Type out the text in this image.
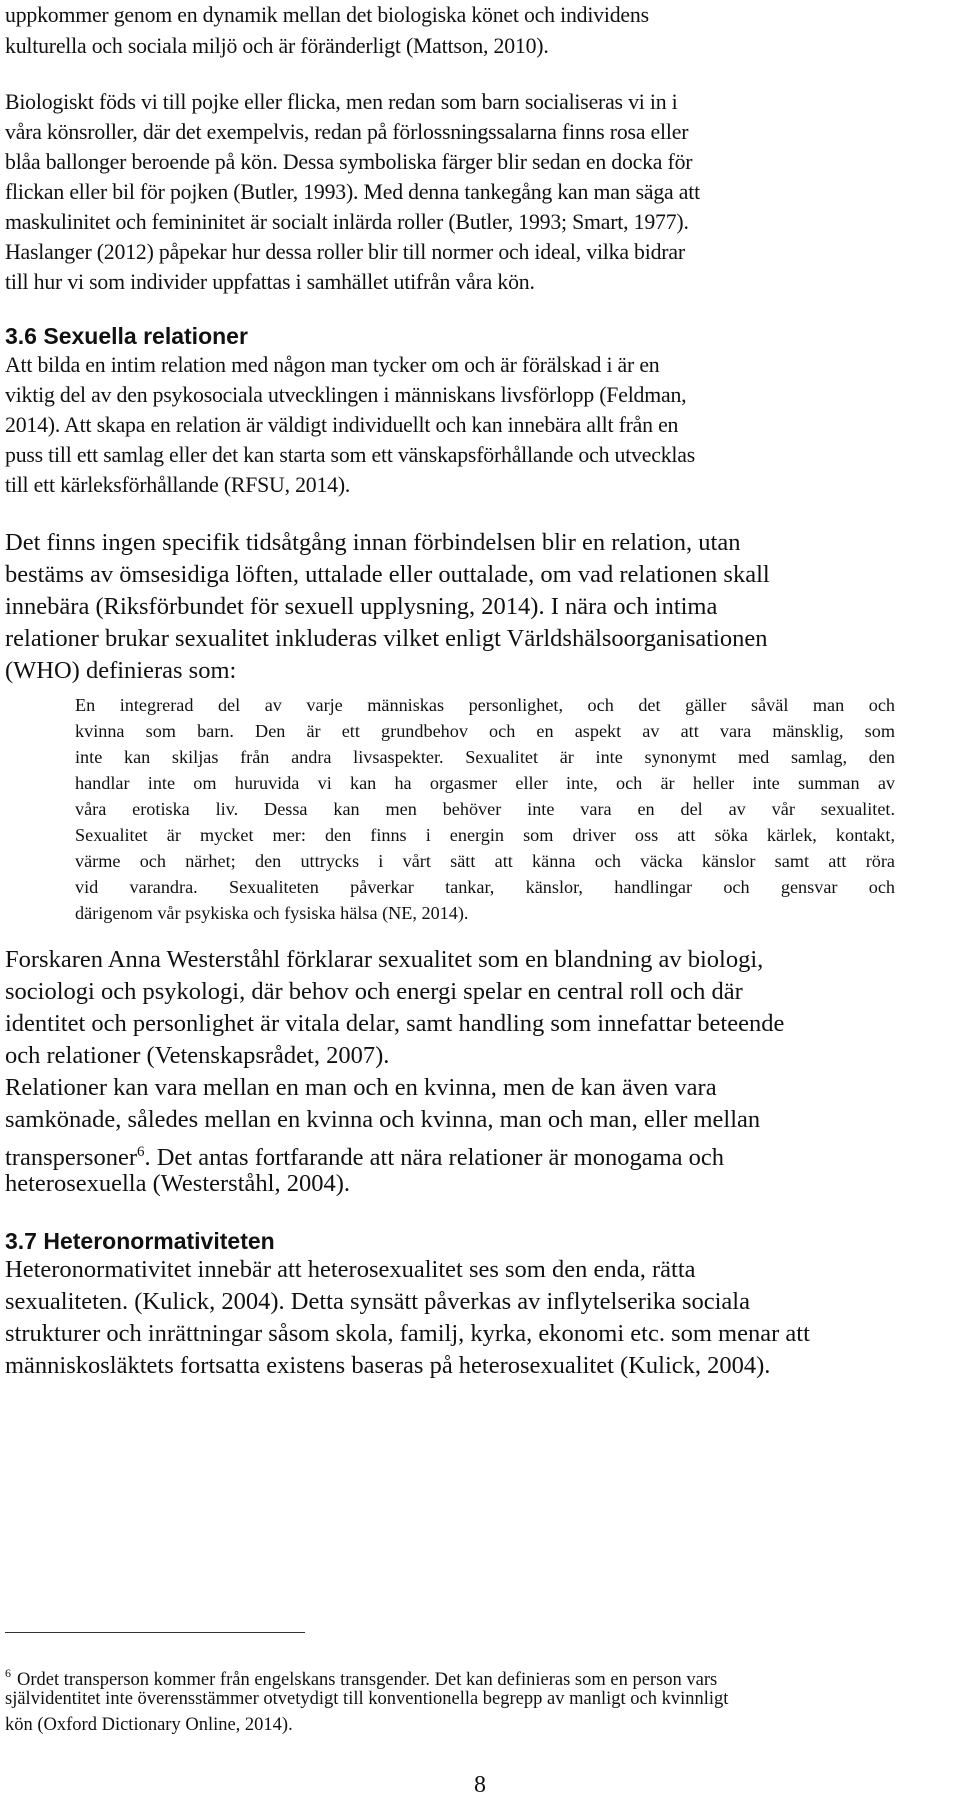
uppkommer genom en dynamik mellan det biologiska könet och individens
kulturella och sociala miljö och är föränderligt (Mattson, 2010).
Biologiskt föds vi till pojke eller flicka, men redan som barn socialiseras vi in i
våra könsroller, där det exempelvis, redan på förlossningssalarna finns rosa eller
blåa ballonger beroende på kön. Dessa symboliska färger blir sedan en docka för
flickan eller bil för pojken (Butler, 1993). Med denna tankegång kan man säga att
maskulinitet och femininitet är socialt inlärda roller (Butler, 1993; Smart, 1977).
Haslanger (2012) påpekar hur dessa roller blir till normer och ideal, vilka bidrar
till hur vi som individer uppfattas i samhället utifrån våra kön.
3.6 Sexuella relationer
Att bilda en intim relation med någon man tycker om och är förälskad i är en
viktig del av den psykosociala utvecklingen i människans livsförlopp (Feldman,
2014). Att skapa en relation är väldigt individuellt och kan innebära allt från en
puss till ett samlag eller det kan starta som ett vänskapsförhållande och utvecklas
till ett kärleksförhållande (RFSU, 2014).
Det finns ingen specifik tidsåtgång innan förbindelsen blir en relation, utan
bestäms av ömsesidiga löften, uttalade eller outtalade, om vad relationen skall
innebära (Riksförbundet för sexuell upplysning, 2014). I nära och intima
relationer brukar sexualitet inkluderas vilket enligt Världshälsoorganisationen
(WHO) definieras som:
En integrerad del av varje människas personlighet, och det gäller såväl man och
kvinna som barn. Den är ett grundbehov och en aspekt av att vara mänsklig, som
inte kan skiljas från andra livsaspekter. Sexualitet är inte synonymt med samlag, den
handlar inte om huruvida vi kan ha orgasmer eller inte, och är heller inte summan av
våra erotiska liv. Dessa kan men behöver inte vara en del av vår sexualitet.
Sexualitet är mycket mer: den finns i energin som driver oss att söka kärlek, kontakt,
värme och närhet; den uttrycks i vårt sätt att känna och väcka känslor samt att röra
vid varandra. Sexualiteten påverkar tankar, känslor, handlingar och gensvar och
därigenom vår psykiska och fysiska hälsa (NE, 2014).
Forskaren Anna Westerståhl förklarar sexualitet som en blandning av biologi,
sociologi och psykologi, där behov och energi spelar en central roll och där
identitet och personlighet är vitala delar, samt handling som innefattar beteende
och relationer (Vetenskapsrådet, 2007).
Relationer kan vara mellan en man och en kvinna, men de kan även vara
samkönade, således mellan en kvinna och kvinna, man och man, eller mellan
transpersoner$^6$. Det antas fortfarande att nära relationer är monogama och
heterosexuella (Westerståhl, 2004).
3.7 Heteronormativiteten
Heteronormativitet innebär att heterosexualitet ses som den enda, rätta
sexualiteten. (Kulick, 2004). Detta synsätt påverkas av inflytelserika sociala
strukturer och inrättningar såsom skola, familj, kyrka, ekonomi etc. som menar att
människosläktets fortsatta existens baseras på heterosexualitet (Kulick, 2004).
$^6$ Ordet transperson kommer från engelskans transgender. Det kan definieras som en person vars
självidentitet inte överensstämmer otvetydigt till konventionella begrepp av manligt och kvinnligt
kön (Oxford Dictionary Online, 2014).
8
